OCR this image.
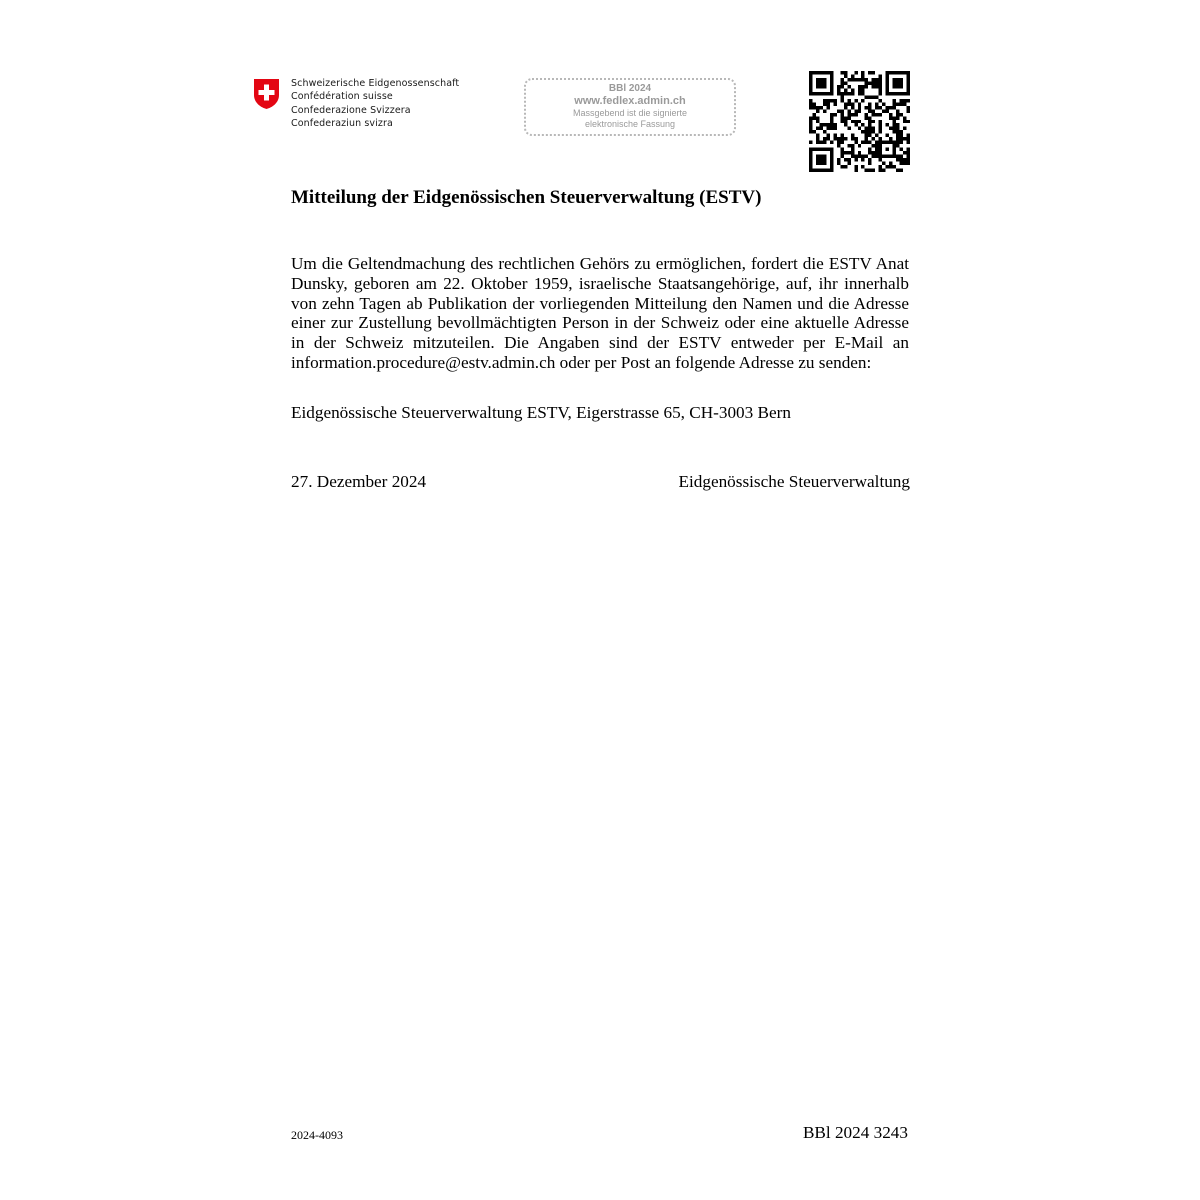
Schweizerische Eidgenossenschaft
Confédération suisse
Confederazione Svizzera
Confederaziun svizra
BBl 2024
www.fedlex.admin.ch
Massgebend ist die signierte
elektronische Fassung
Mitteilung der Eidgenössischen Steuerverwaltung (ESTV)

Um die Geltendmachung des rechtlichen Gehörs zu ermöglichen, fordert die ESTV Anat Dunsky, geboren am 22. Oktober 1959, israelische Staatsangehörige, auf, ihr innerhalb von zehn Tagen ab Publikation der vorliegenden Mitteilung den Namen und die Adresse einer zur Zustellung bevollmächtigten Person in der Schweiz oder eine aktuelle Adresse in der Schweiz mitzuteilen. Die Angaben sind der ESTV entweder per E-Mail an information.procedure@estv.admin.ch oder per Post an folgende Adresse zu senden:

Eidgenössische Steuerverwaltung ESTV, Eigerstrasse 65, CH-3003 Bern

27. Dezember 2024	Eidgenössische Steuerverwaltung
2024-4093	BBl 2024 3243
